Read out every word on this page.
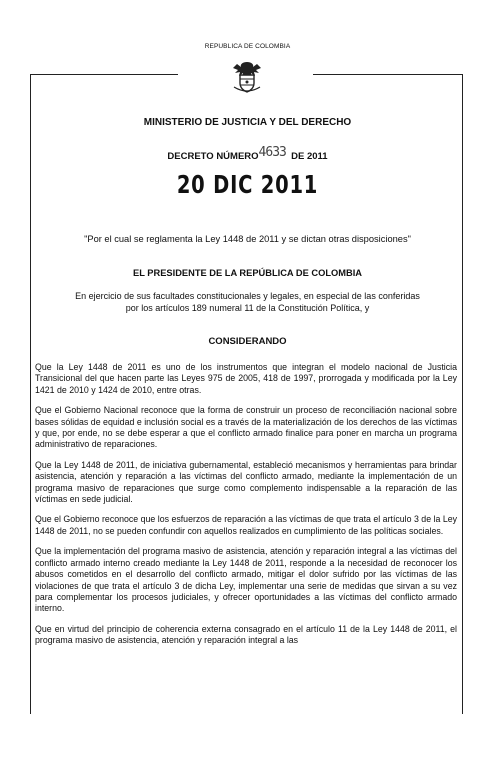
REPUBLICA DE COLOMBIA
MINISTERIO DE JUSTICIA Y DEL DERECHO
DECRETO NÚMERO4633 DE 2011
20 DIC 2011
"Por el cual se reglamenta la Ley 1448 de 2011 y se dictan otras disposiciones"
EL PRESIDENTE DE LA REPÚBLICA DE COLOMBIA
En ejercicio de sus facultades constitucionales y legales, en especial de las conferidas
por los artículos 189 numeral 11 de la Constitución Política, y
CONSIDERANDO

Que la Ley 1448 de 2011 es uno de los instrumentos que integran el modelo nacional de Justicia Transicional del que hacen parte las Leyes 975 de 2005, 418 de 1997, prorrogada y modificada por la Ley 1421 de 2010 y 1424 de 2010, entre otras.

Que el Gobierno Nacional reconoce que la forma de construir un proceso de reconciliación nacional sobre bases sólidas de equidad e inclusión social es a través de la materialización de los derechos de las víctimas y que, por ende, no se debe esperar a que el conflicto armado finalice para poner en marcha un programa administrativo de reparaciones.

Que la Ley 1448 de 2011, de iniciativa gubernamental, estableció mecanismos y herramientas para brindar asistencia, atención y reparación a las víctimas del conflicto armado, mediante la implementación de un programa masivo de reparaciones que surge como complemento indispensable a la reparación de las víctimas en sede judicial.

Que el Gobierno reconoce que los esfuerzos de reparación a las víctimas de que trata el artículo 3 de la Ley 1448 de 2011, no se pueden confundir con aquellos realizados en cumplimiento de las políticas sociales.

Que la implementación del programa masivo de asistencia, atención y reparación integral a las víctimas del conflicto armado interno creado mediante la Ley 1448 de 2011, responde a la necesidad de reconocer los abusos cometidos en el desarrollo del conflicto armado, mitigar el dolor sufrido por las víctimas de las violaciones de que trata el artículo 3 de dicha Ley, implementar una serie de medidas que sirvan a su vez para complementar los procesos judiciales, y ofrecer oportunidades a las víctimas del conflicto armado interno.

Que en virtud del principio de coherencia externa consagrado en el artículo 11 de la Ley 1448 de 2011, el programa masivo de asistencia, atención y reparación integral a las
